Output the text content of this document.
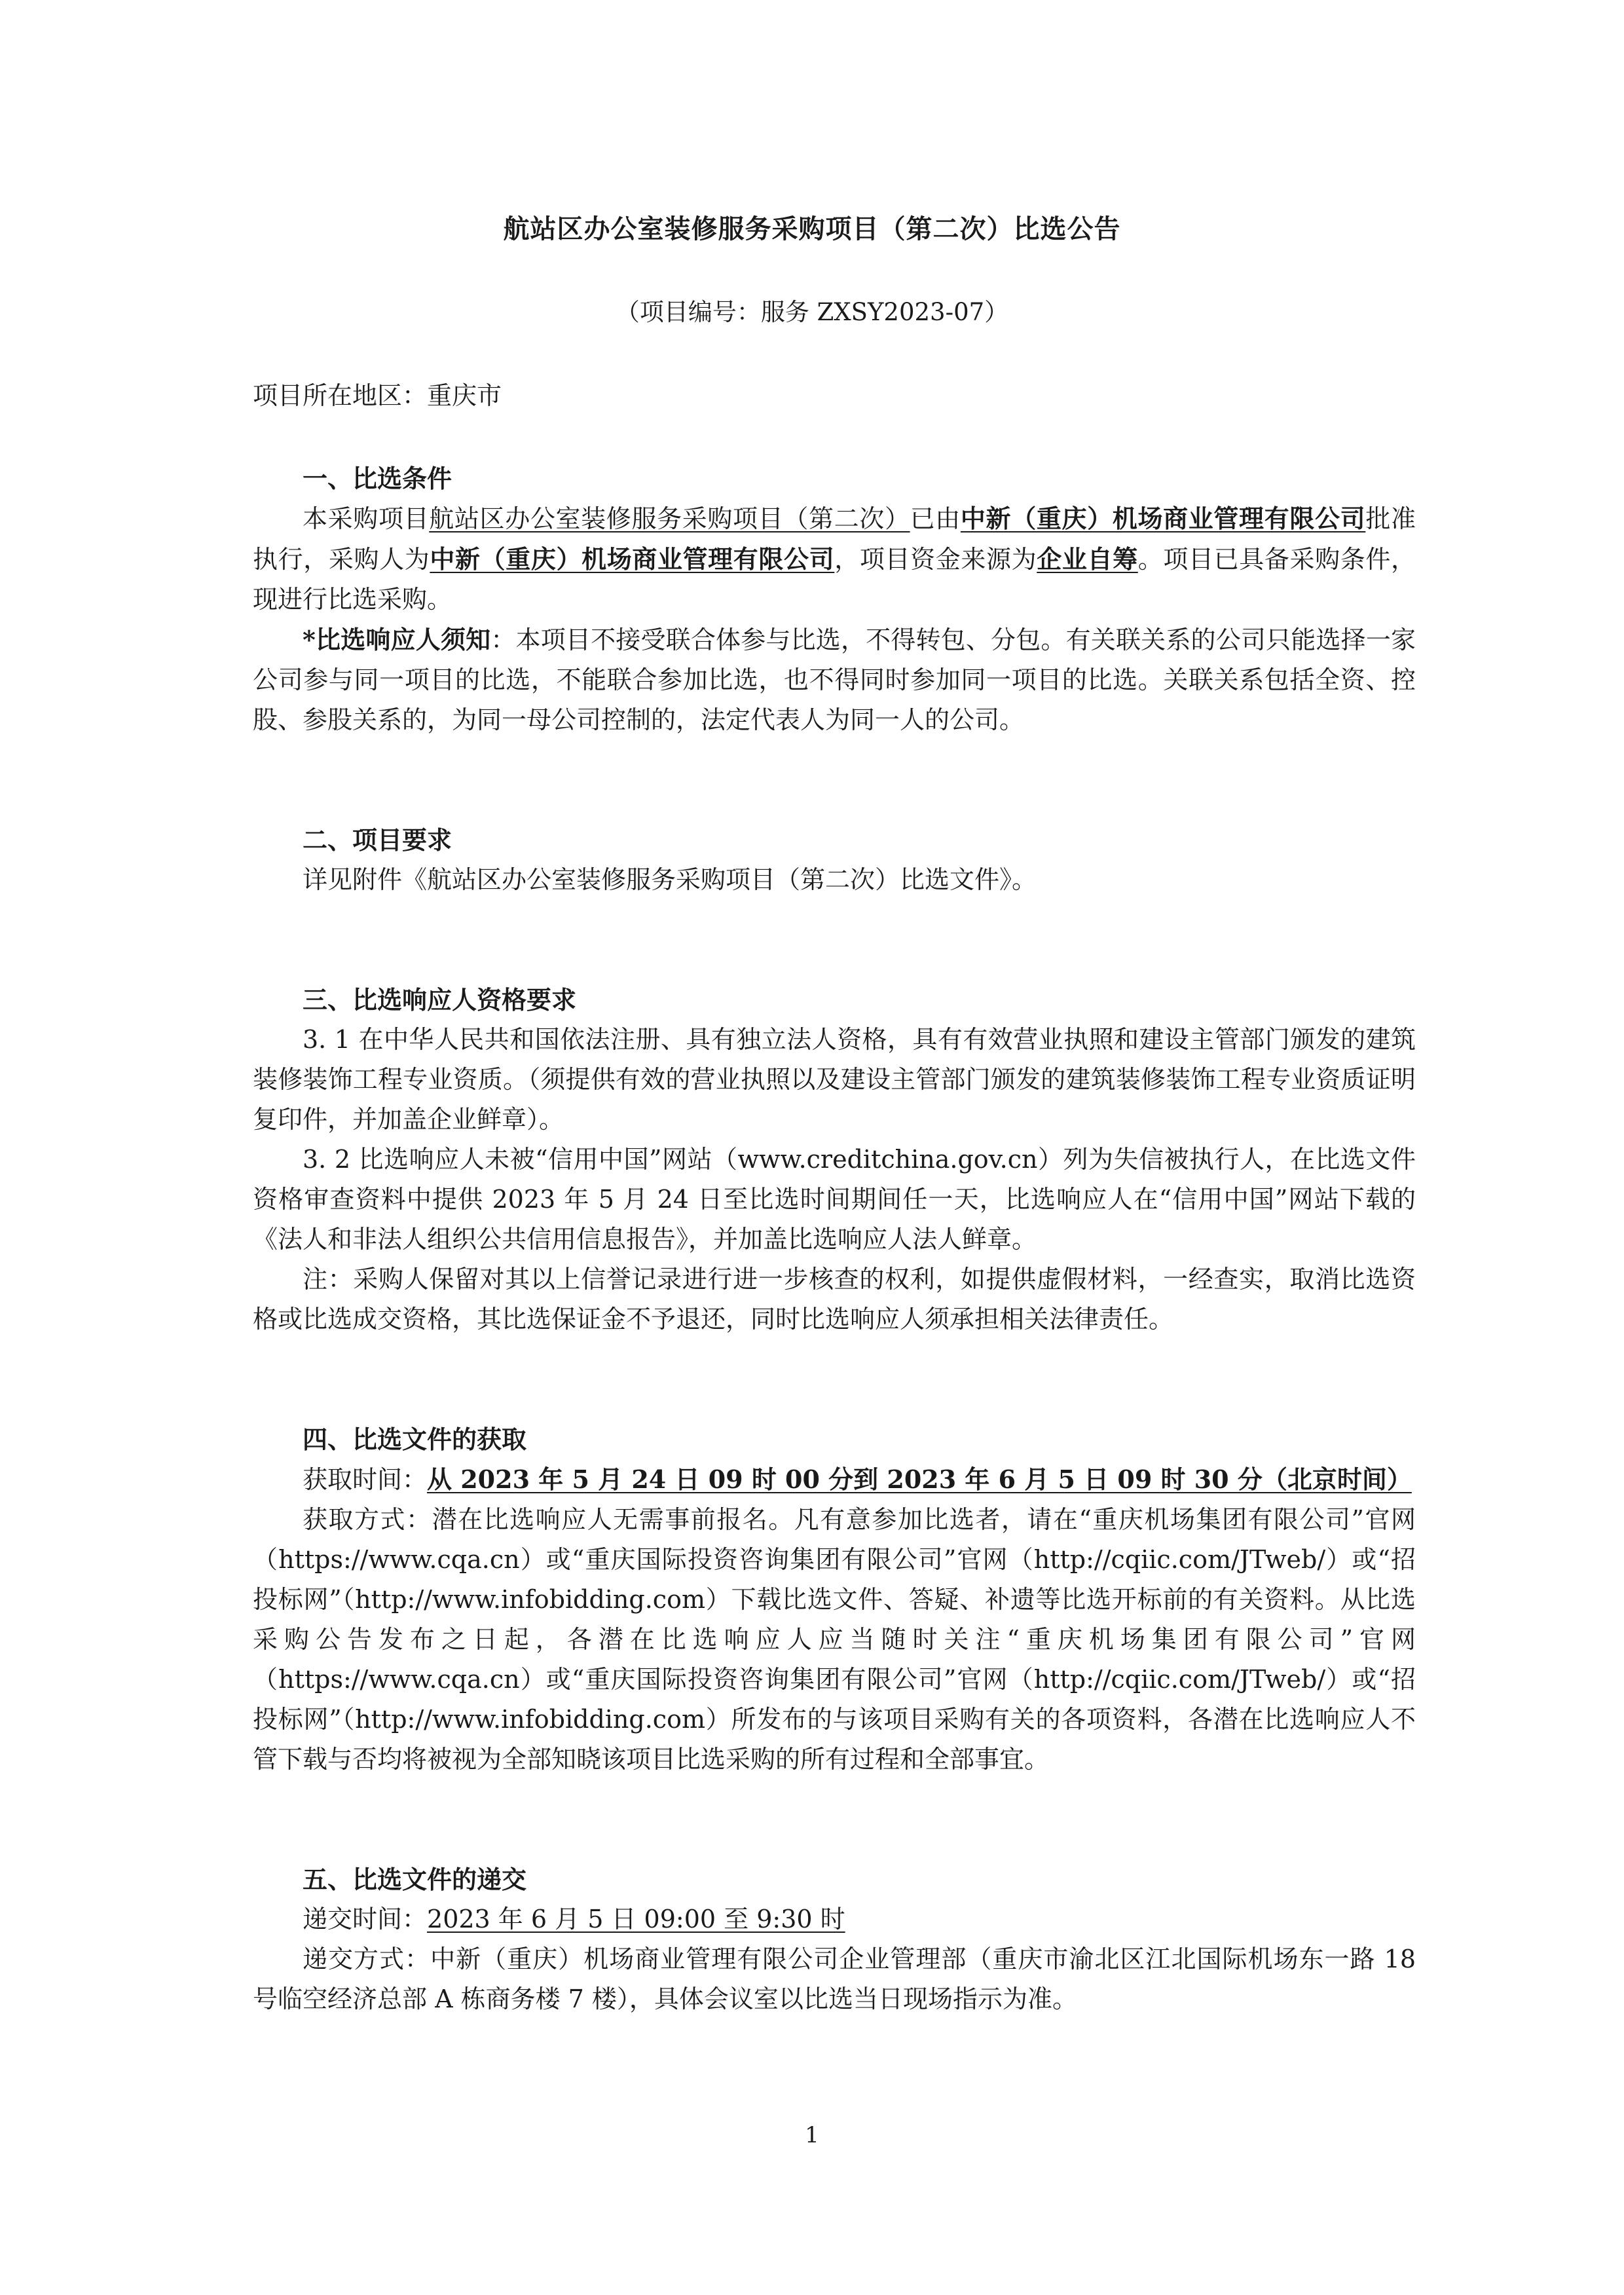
航站区办公室装修服务采购项目（第二次）比选公告
（项目编号：服务 ZXSY2023-07）
项目所在地区：重庆市
一、比选条件

本采购项目航站区办公室装修服务采购项目（第二次）已由中新（重庆）机场商业管理有限公司批准执行，采购人为中新（重庆）机场商业管理有限公司，项目资金来源为企业自筹。项目已具备采购条件，现进行比选采购。

*比选响应人须知：本项目不接受联合体参与比选，不得转包、分包。有关联关系的公司只能选择一家公司参与同一项目的比选，不能联合参加比选，也不得同时参加同一项目的比选。关联关系包括全资、控股、参股关系的，为同一母公司控制的，法定代表人为同一人的公司。

二、项目要求

详见附件《航站区办公室装修服务采购项目（第二次）比选文件》。

三、比选响应人资格要求

3. 1 在中华人民共和国依法注册、具有独立法人资格，具有有效营业执照和建设主管部门颁发的建筑装修装饰工程专业资质。（须提供有效的营业执照以及建设主管部门颁发的建筑装修装饰工程专业资质证明复印件，并加盖企业鲜章）。

3. 2 比选响应人未被“信用中国”网站（www.creditchina.gov.cn）列为失信被执行人，在比选文件资格审查资料中提供 2023 年 5 月 24 日至比选时间期间任一天，比选响应人在“信用中国”网站下载的《法人和非法人组织公共信用信息报告》，并加盖比选响应人法人鲜章。

注：采购人保留对其以上信誉记录进行进一步核查的权利，如提供虚假材料，一经查实，取消比选资格或比选成交资格，其比选保证金不予退还，同时比选响应人须承担相关法律责任。

四、比选文件的获取

获取时间：从 2023 年 5 月 24 日 09 时 00 分到 2023 年 6 月 5 日 09 时 30 分（北京时间）

获取方式：潜在比选响应人无需事前报名。凡有意参加比选者，请在“重庆机场集团有限公司”官网（https://www.cqa.cn）或“重庆国际投资咨询集团有限公司”官网（http://cqiic.com/JTweb/）或“招投标网”（http://www.infobidding.com）下载比选文件、答疑、补遗等比选开标前的有关资料。从比选采购公告发布之日起，各潜在比选响应人应当随时关注“重庆机场集团有限公司”官网（https://www.cqa.cn）或“重庆国际投资咨询集团有限公司”官网（http://cqiic.com/JTweb/）或“招投标网”（http://www.infobidding.com）所发布的与该项目采购有关的各项资料，各潜在比选响应人不管下载与否均将被视为全部知晓该项目比选采购的所有过程和全部事宜。

五、比选文件的递交

递交时间：2023 年 6 月 5 日 09:00 至 9:30 时

递交方式：中新（重庆）机场商业管理有限公司企业管理部（重庆市渝北区江北国际机场东一路 18 号临空经济总部 A 栋商务楼 7 楼），具体会议室以比选当日现场指示为准。

1
